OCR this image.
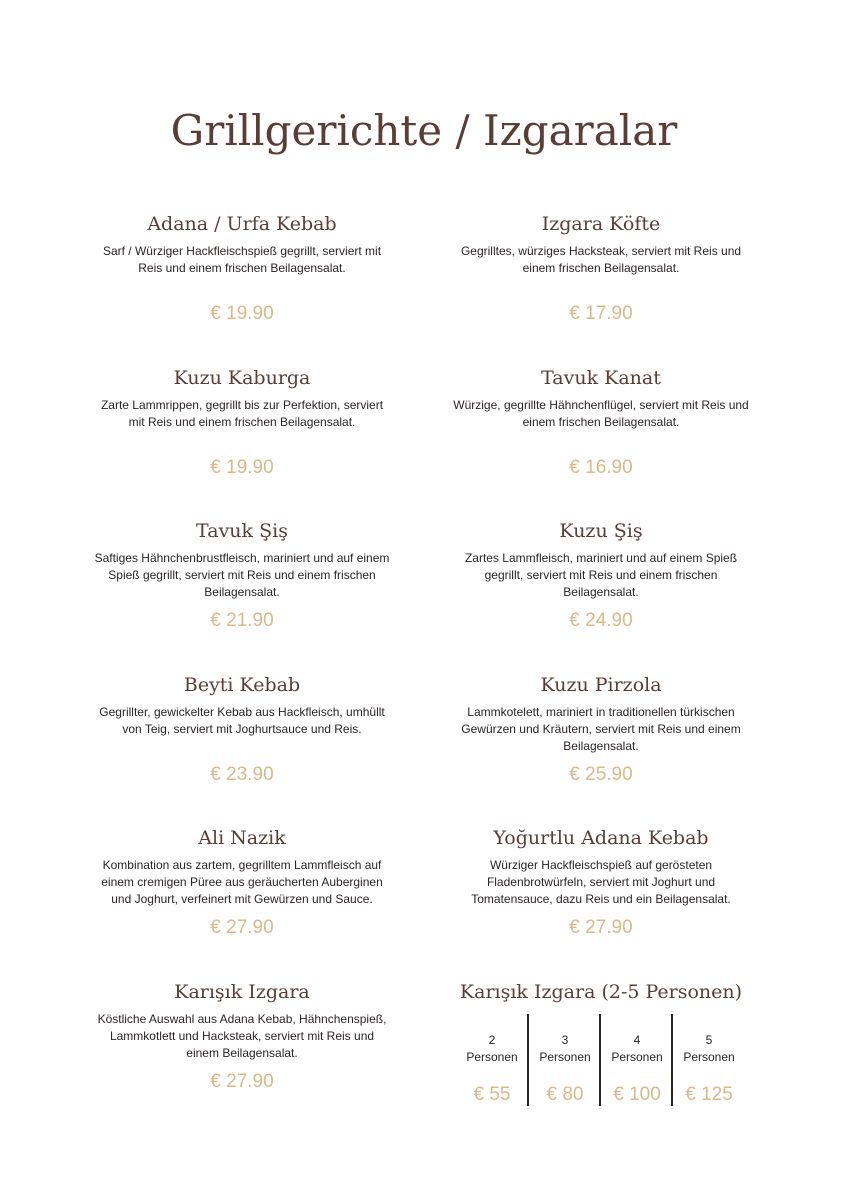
Grillgerichte / Izgaralar
Adana / Urfa Kebab
Sarf / Würziger Hackfleischspieß gegrillt, serviert mit Reis und einem frischen Beilagensalat.
€ 19.90
Izgara Köfte
Gegrilltes, würziges Hacksteak, serviert mit Reis und einem frischen Beilagensalat.
€ 17.90
Kuzu Kaburga
Zarte Lammrippen, gegrillt bis zur Perfektion, serviert mit Reis und einem frischen Beilagensalat.
€ 19.90
Tavuk Kanat
Würzige, gegrillte Hähnchenflügel, serviert mit Reis und einem frischen Beilagensalat.
€ 16.90
Tavuk Şiş
Saftiges Hähnchenbrustfleisch, mariniert und auf einem Spieß gegrillt, serviert mit Reis und einem frischen Beilagensalat.
€ 21.90
Kuzu Şiş
Zartes Lammfleisch, mariniert und auf einem Spieß gegrillt, serviert mit Reis und einem frischen Beilagensalat.
€ 24.90
Beyti Kebab
Gegrillter, gewickelter Kebab aus Hackfleisch, umhüllt von Teig, serviert mit Joghurtsauce und Reis.
€ 23.90
Kuzu Pirzola
Lammkotelett, mariniert in traditionellen türkischen Gewürzen und Kräutern, serviert mit Reis und einem Beilagensalat.
€ 25.90
Ali Nazik
Kombination aus zartem, gegrilltem Lammfleisch auf einem cremigen Püree aus geräucherten Auberginen und Joghurt, verfeinert mit Gewürzen und Sauce.
€ 27.90
Yoğurtlu Adana Kebab
Würziger Hackfleischspieß auf gerösteten Fladenbrotwürfeln, serviert mit Joghurt und Tomatensauce, dazu Reis und ein Beilagensalat.
€ 27.90
Karışık Izgara
Köstliche Auswahl aus Adana Kebab, Hähnchenspieß, Lammkotlett und Hacksteak, serviert mit Reis und einem Beilagensalat.
€ 27.90
Karışık Izgara (2-5 Personen)
2
Personen
€ 55
3
Personen
€ 80
4
Personen
€ 100
5
Personen
€ 125
